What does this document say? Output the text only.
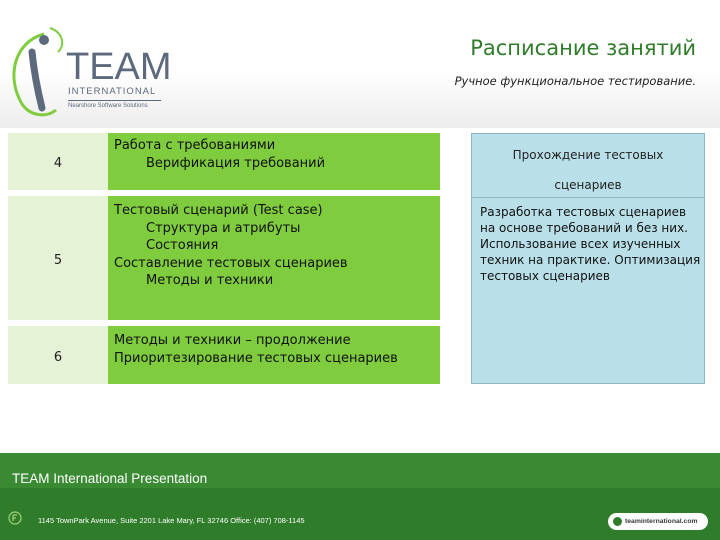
TEAM
INTERNATIONAL
Nearshore Software Solutions
Расписание занятий
Ручное функциональное тестирование.
4
Работа с требованиями
Верификация требований
5
Тестовый сценарий (Test case)
Структура и атрибуты
Состояния
Составление тестовых сценариев
Методы и техники
6
Методы и техники – продолжение
Приоритезирование тестовых сценариев
Прохождение тестовых
сценариев
Разработка тестовых сценариев на основе требований и без них. Использование всех изученных техник на практике. Оптимизация тестовых сценариев
TEAM International Presentation
1145 TownPark Avenue, Suite 2201 Lake Mary, FL 32746 Office: (407) 708-1145	teaminternational.com
